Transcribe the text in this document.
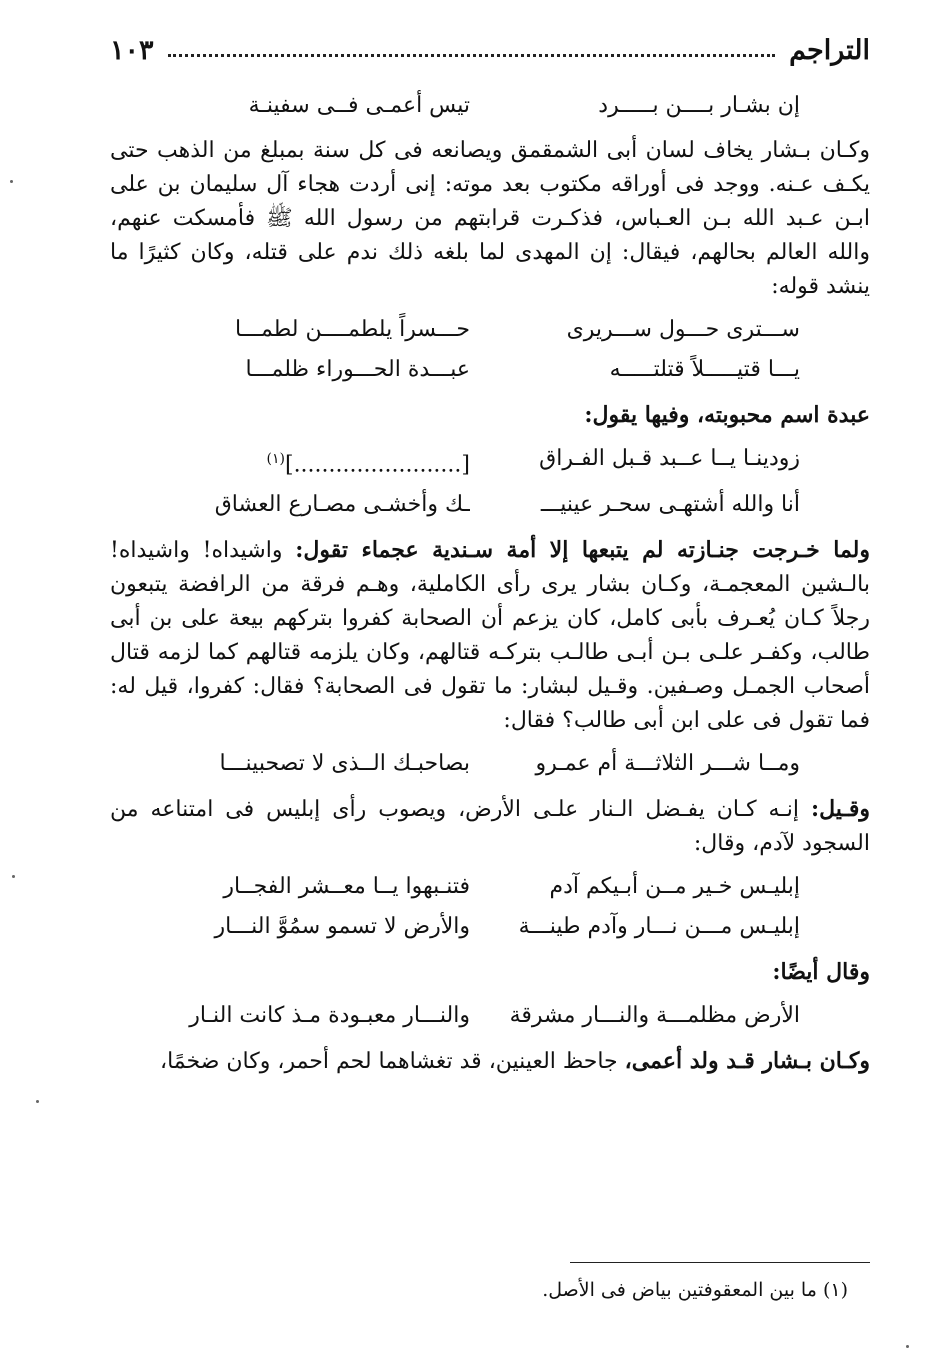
التراجم
١٠٣
إن بشـار بــــن بـــــرد
تيس أعمـى فــى سفينـة

وكـان بـشار يخاف لسان أبى الشمقمق ويصانعه فى كل سنة بمبلغ من الذهب حتى يكـف عـنه. ووجد فى أوراقه مكتوب بعد موته: إنى أردت هجاء آل سليمان بن على ابـن عـبد الله بـن العـباس، فذكـرت قرابتهم من رسول الله ﷺ فأمسكت عنهم، والله العالم بحالهم، فيقال: إن المهدى لما بلغه ذلك ندم على قتله، وكان كثيرًا ما ينشد قوله:

ســـتری حـــول ســـريری
حـــسراً يلطمــــن لطمـــا
يـــا قتيـــــلاً قتلتـــــه
عبـــدة الحـــوراء ظلمـــا

عبدة اسم محبوبته، وفيها يقول:

زودينـا يــا عــبد قـبل الفـراق
[........................]$^{(١)}$
أنا والله أشتهـى سحـر عينيـــ
ـك وأخشـى مصـارع العشاق

ولما خـرجت جنـازته لم يتبعها إلا أمة سـندية عجماء تقول: واشيداه! واشيداه! بالـشين المعجمـة، وكـان بشار يرى رأى الكاملية، وهـم فرقة من الرافضة يتبعون رجلاً كـان يُعـرف بأبى كامل، كان يزعم أن الصحابة كفروا بتركهم بيعة على بن أبى طالب، وكفـر علـى بـن أبـى طالـب بتركـه قتالهم، وكان يلزمه قتالهم كما لزمه قتال أصحاب الجمـل وصـفين. وقـيل لبشار: ما تقول فى الصحابة؟ فقال: كفروا، قيل له: فما تقول فى على ابن أبى طالب؟ فقال:

ومــا شـــر الثلاثـــة أم عمـرو
بصاحبـك الــذى لا تصحبينـــا

وقـيل: إنـه كـان يفـضل الـنار علـى الأرض، ويصوب رأى إبليس فى امتناعه من السجود لآدم، وقال:

إبليـس خـير مــن أبـيكم آدم
فتنـبهوا يــا معــشر الفجــار
إبليـس مـــن نـــار وآدم طينـــة
والأرض لا تسمو سمُوَّ النـــار

وقال أيضًا:

الأرض مظلمـــة والنـــار مشرقة
والنـــار معبـودة مـذ كانت النـار

وكـان بـشار قـد ولد أعمى، جاحظ العينين، قد تغشاهما لحم أحمر، وكان ضخمًا،

(١) ما بين المعقوفتين بياض فى الأصل.
